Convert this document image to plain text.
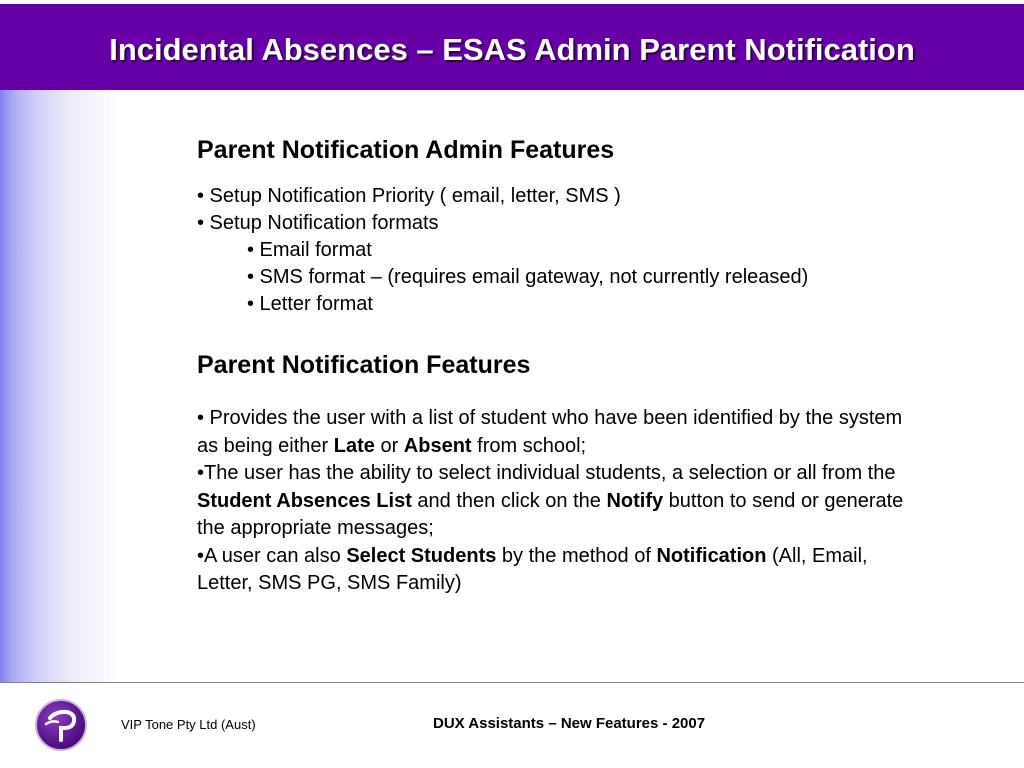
Incidental Absences – ESAS Admin Parent Notification
Parent Notification Admin Features
• Setup Notification Priority ( email, letter, SMS )
• Setup Notification formats
• Email format
• SMS format – (requires email gateway, not currently released)
• Letter format
Parent Notification Features

• Provides the user with a list of student who have been identified by the system as being either Late or Absent from school;

•The user has the ability to select individual students, a selection or all from the Student Absences List and then click on the Notify button to send or generate the appropriate messages;

•A user can also Select Students by the method of Notification (All, Email, Letter, SMS PG, SMS Family)

VIP Tone Pty Ltd (Aust)	DUX Assistants – New Features - 2007
